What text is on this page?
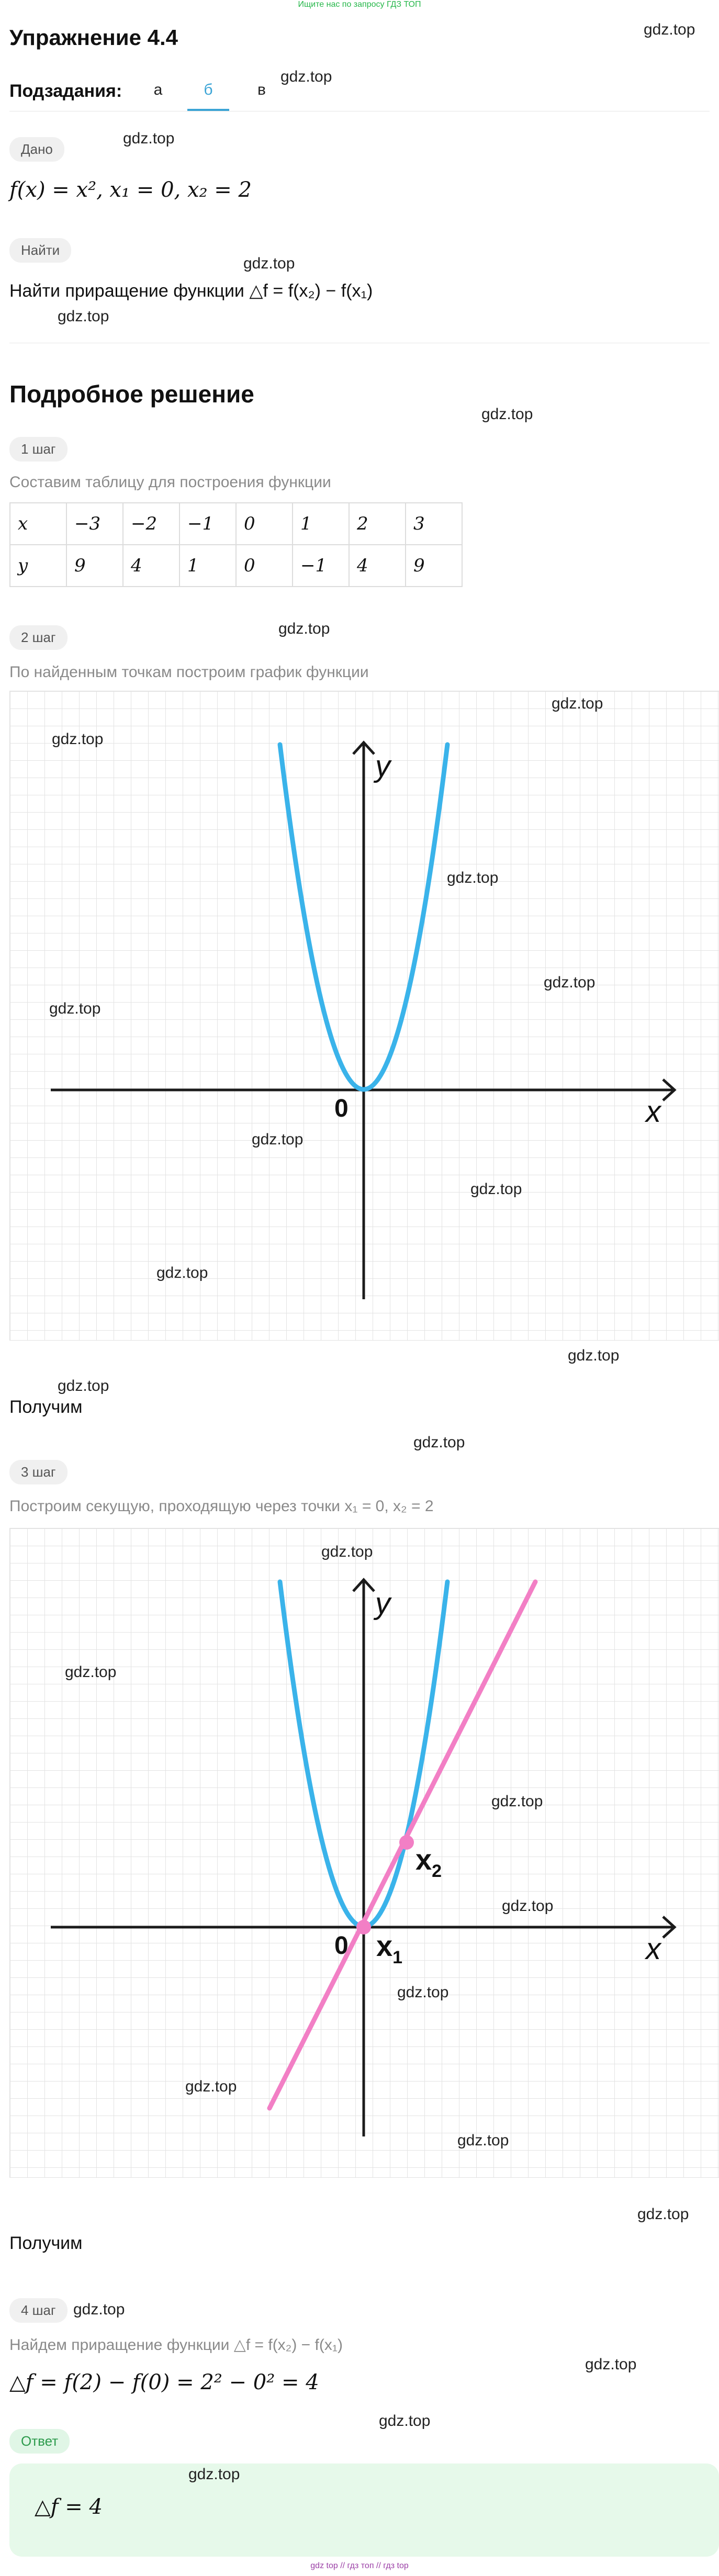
Ищите нас по запросу ГДЗ ТОП
Упражнение 4.4	gdz.top
Подзадания:	а	б	в
gdz.top
Дано
gdz.top
f(x) = x², x₁ = 0, x₂ = 2
Найти
gdz.top
Найти приращение функции △f = f(x₂) − f(x₁)
gdz.top
Подробное решение
gdz.top
1 шаг
Составим таблицу для построения функции
x	−3	−2	−1	0	1	2	3
y	9	4	1	0	−1	4	9
2 шаг	gdz.top
По найденным точкам построим график функции
y
x
0
gdz.top
gdz.top
gdz.top
gdz.top
gdz.top
gdz.top
gdz.top
gdz.top
gdz.top
gdz.top
Получим
gdz.top
3 шаг
Построим секущую, проходящую через точки x₁ = 0, x₂ = 2
y
x
0 $x_1$
$x_2$
gdz.top
gdz.top
gdz.top
gdz.top
gdz.top
gdz.top
gdz.top
gdz.top
Получим
4 шаг	gdz.top
Найдем приращение функции △f = f(x₂) − f(x₁)
gdz.top
△f = f(2) − f(0) = 2² − 0² = 4
gdz.top
Ответ
gdz.top
△f = 4
gdz top // гдз топ // гдз top
